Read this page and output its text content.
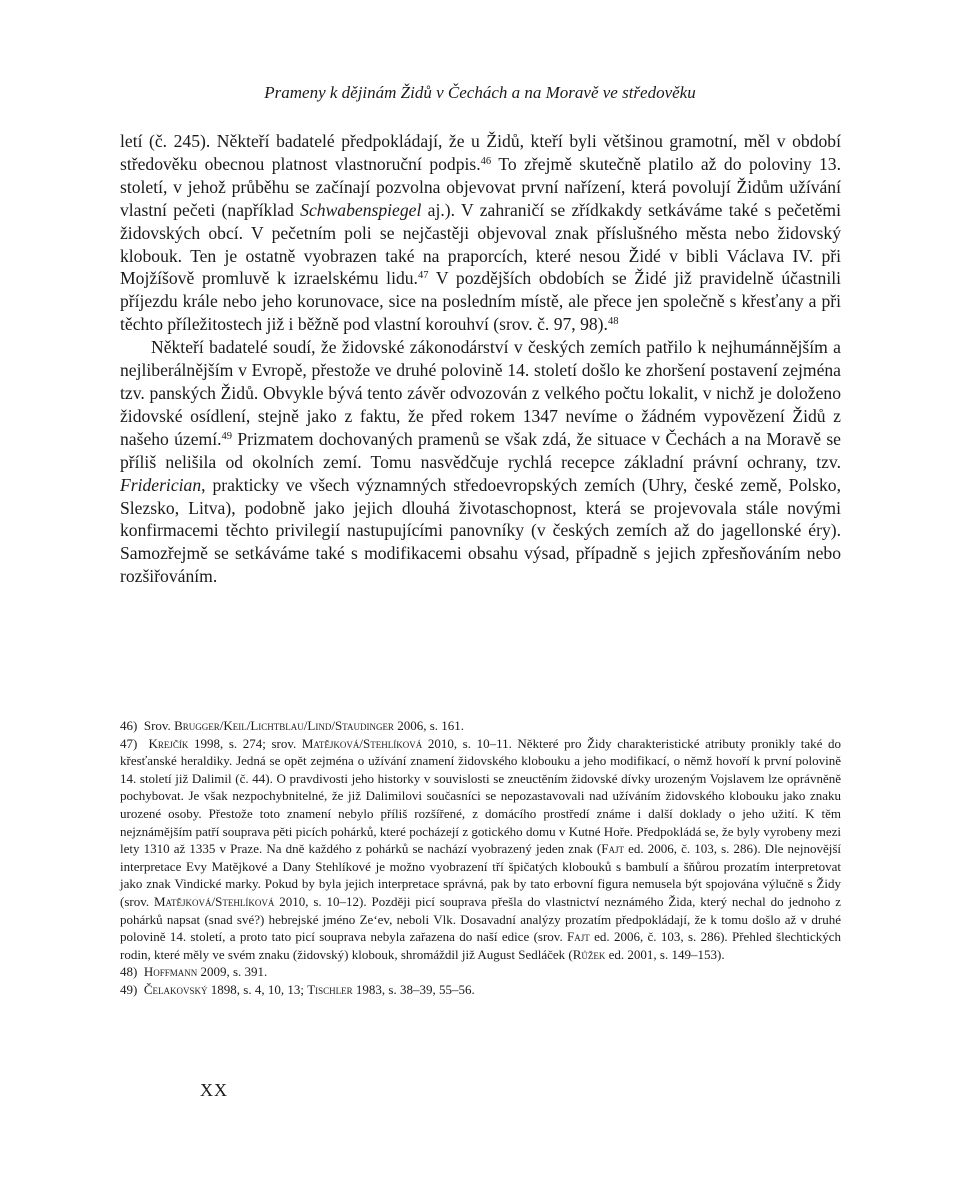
Prameny k dějinám Židů v Čechách a na Moravě ve středověku

letí (č. 245). Někteří badatelé předpokládají, že u Židů, kteří byli většinou gramotní, měl v období středověku obecnou platnost vlastnoruční podpis.$^{46}$ To zřejmě skutečně platilo až do poloviny 13. století, v jehož průběhu se začínají pozvolna objevovat první nařízení, která povolují Židům užívání vlastní pečeti (například Schwabenspiegel aj.). V zahraničí se zřídkakdy setkáváme také s pečetěmi židovských obcí. V pečetním poli se nejčastěji objevoval znak příslušného města nebo židovský klobouk. Ten je ostatně vyobrazen také na praporcích, které nesou Židé v bibli Václava IV. při Mojžíšově promluvě k izraelskému lidu.$^{47}$ V pozdějších obdobích se Židé již pravidelně účastnili příjezdu krále nebo jeho korunovace, sice na posledním místě, ale přece jen společně s křesťany a při těchto příležitostech již i běžně pod vlastní korouhví (srov. č. 97, 98).$^{48}$

Někteří badatelé soudí, že židovské zákonodárství v českých zemích patřilo k nejhumánnějším a nejliberálnějším v Evropě, přestože ve druhé polovině 14. století došlo ke zhoršení postavení zejména tzv. panských Židů. Obvykle bývá tento závěr odvozován z velkého počtu lokalit, v nichž je doloženo židovské osídlení, stejně jako z faktu, že před rokem 1347 nevíme o žádném vypovězení Židů z našeho území.$^{49}$ Prizmatem dochovaných pramenů se však zdá, že situace v Čechách a na Moravě se příliš nelišila od okolních zemí. Tomu nasvědčuje rychlá recepce základní právní ochrany, tzv. Friderician, prakticky ve všech významných středoevropských zemích (Uhry, české země, Polsko, Slezsko, Litva), podobně jako jejich dlouhá životaschopnost, která se projevovala stále novými konfirmacemi těchto privilegií nastupujícími panovníky (v českých zemích až do jagellonské éry). Samozřejmě se setkáváme také s modifikacemi obsahu výsad, případně s jejich zpřesňováním nebo rozšiřováním.

46) Srov. Brugger/Keil/Lichtblau/Lind/Staudinger 2006, s. 161.

47) Krejčík 1998, s. 274; srov. Matějková/Stehlíková 2010, s. 10–11. Některé pro Židy charakteristické atributy pronikly také do křesťanské heraldiky. Jedná se opět zejména o užívání znamení židovského klobouku a jeho modifikací, o němž hovoří k první polovině 14. století již Dalimil (č. 44). O pravdivosti jeho historky v souvislosti se zneuctěním židovské dívky urozeným Vojslavem lze oprávněně pochybovat. Je však nezpochybnitelné, že již Dalimilovi současníci se nepozastavovali nad užíváním židovského klobouku jako znaku urozené osoby. Přestože toto znamení nebylo příliš rozšířené, z domácího prostředí známe i další doklady o jeho užití. K těm nejznámějším patří souprava pěti picích pohárků, které pocházejí z gotického domu v Kutné Hoře. Předpokládá se, že byly vyrobeny mezi lety 1310 až 1335 v Praze. Na dně každého z pohárků se nachází vyobrazený jeden znak (Fajt ed. 2006, č. 103, s. 286). Dle nejnovější interpretace Evy Matějkové a Dany Stehlíkové je možno vyobrazení tří špičatých klobouků s bambulí a šňůrou prozatím interpretovat jako znak Vindické marky. Pokud by byla jejich interpretace správná, pak by tato erbovní figura nemusela být spojována výlučně s Židy (srov. Matějková/Stehlíková 2010, s. 10–12). Později picí souprava přešla do vlastnictví neznámého Žida, který nechal do jednoho z pohárků napsat (snad své?) hebrejské jméno Ze‘ev, neboli Vlk. Dosavadní analýzy prozatím předpokládají, že k tomu došlo až v druhé polovině 14. století, a proto tato picí souprava nebyla zařazena do naší edice (srov. Fajt ed. 2006, č. 103, s. 286). Přehled šlechtických rodin, které měly ve svém znaku (židovský) klobouk, shromáždil již August Sedláček (Růžek ed. 2001, s. 149–153).

48) Hoffmann 2009, s. 391.

49) Čelakovský 1898, s. 4, 10, 13; Tischler 1983, s. 38–39, 55–56.

XX
